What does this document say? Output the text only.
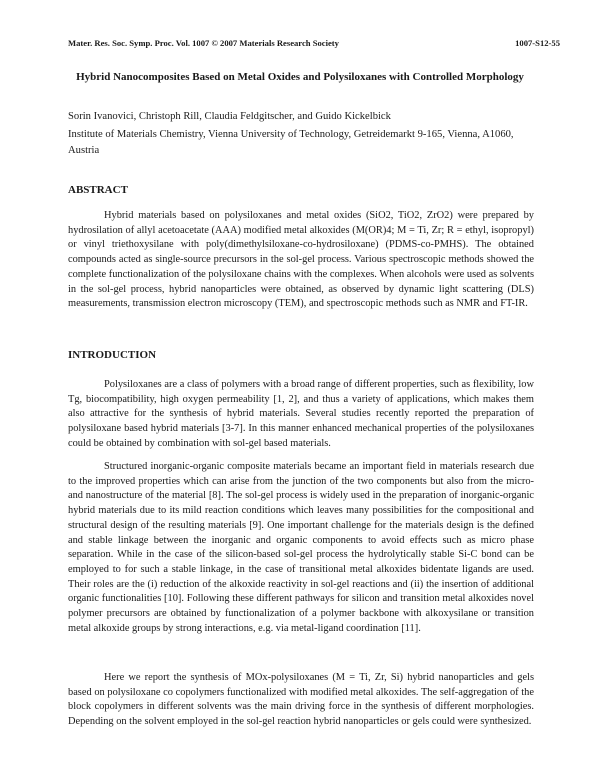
Mater. Res. Soc. Symp. Proc. Vol. 1007 © 2007 Materials Research Society	1007-S12-55
Hybrid Nanocomposites Based on Metal Oxides and Polysiloxanes with Controlled Morphology
Sorin Ivanovici, Christoph Rill, Claudia Feldgitscher, and Guido Kickelbick
Institute of Materials Chemistry, Vienna University of Technology, Getreidemarkt 9-165, Vienna, A1060, Austria
ABSTRACT

Hybrid materials based on polysiloxanes and metal oxides (SiO2, TiO2, ZrO2) were prepared by hydrosilation of allyl acetoacetate (AAA) modified metal alkoxides (M(OR)4; M = Ti, Zr; R = ethyl, isopropyl) or vinyl triethoxysilane with poly(dimethylsiloxane-co-hydrosiloxane) (PDMS-co-PMHS). The obtained compounds acted as single-source precursors in the sol-gel process. Various spectroscopic methods showed the complete functionalization of the polysiloxane chains with the complexes. When alcohols were used as solvents in the sol-gel process, hybrid nanoparticles were obtained, as observed by dynamic light scattering (DLS) measurements, transmission electron microscopy (TEM), and spectroscopic methods such as NMR and FT-IR.

INTRODUCTION

Polysiloxanes are a class of polymers with a broad range of different properties, such as flexibility, low Tg, biocompatibility, high oxygen permeability [1, 2], and thus a variety of applications, which makes them also attractive for the synthesis of hybrid materials. Several studies recently reported the preparation of polysiloxane based hybrid materials [3-7]. In this manner enhanced mechanical properties of the polysiloxanes could be obtained by combination with sol-gel based materials.

Structured inorganic-organic composite materials became an important field in materials research due to the improved properties which can arise from the junction of the two components but also from the micro- and nanostructure of the material [8]. The sol-gel process is widely used in the preparation of inorganic-organic hybrid materials due to its mild reaction conditions which leaves many possibilities for the compositional and structural design of the resulting materials [9]. One important challenge for the materials design is the defined and stable linkage between the inorganic and organic components to avoid effects such as micro phase separation. While in the case of the silicon-based sol-gel process the hydrolytically stable Si-C bond can be employed to for such a stable linkage, in the case of transitional metal alkoxides bidentate ligands are used. Their roles are the (i) reduction of the alkoxide reactivity in sol-gel reactions and (ii) the insertion of additional organic functionalities [10]. Following these different pathways for silicon and transition metal alkoxides novel polymer precursors are obtained by functionalization of a polymer backbone with alkoxysilane or transition metal alkoxide groups by strong interactions, e.g. via metal-ligand coordination [11].

Here we report the synthesis of MOx-polysiloxanes (M = Ti, Zr, Si) hybrid nanoparticles and gels based on polysiloxane co copolymers functionalized with modified metal alkoxides. The self-aggregation of the block copolymers in different solvents was the main driving force in the synthesis of different morphologies. Depending on the solvent employed in the sol-gel reaction hybrid nanoparticles or gels could were synthesized.
